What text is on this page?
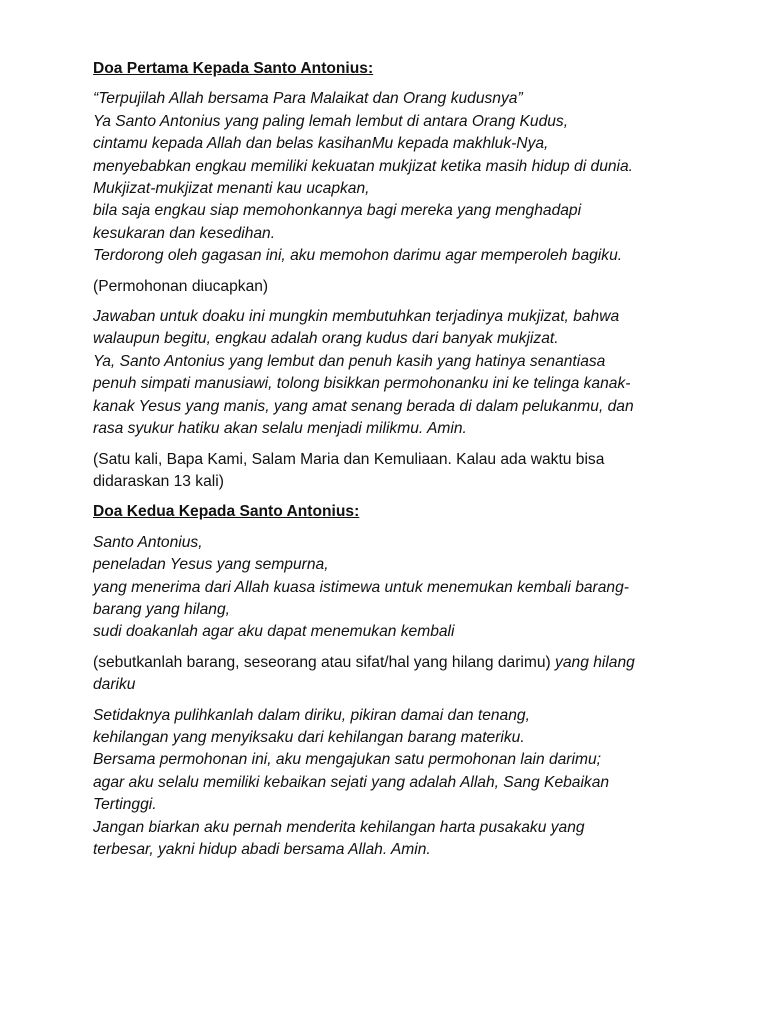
Doa Pertama Kepada Santo Antonius:
“Terpujilah Allah bersama Para Malaikat dan Orang kudusnya”
Ya Santo Antonius yang paling lemah lembut di antara Orang Kudus,
cintamu kepada Allah dan belas kasihanMu kepada makhluk-Nya,
menyebabkan engkau memiliki kekuatan mukjizat ketika masih hidup di dunia.
Mukjizat-mukjizat menanti kau ucapkan,
bila saja engkau siap memohonkannya bagi mereka yang menghadapi
kesukaran dan kesedihan.
Terdorong oleh gagasan ini, aku memohon darimu agar memperoleh bagiku.
(Permohonan diucapkan)
Jawaban untuk doaku ini mungkin membutuhkan terjadinya mukjizat, bahwa
walaupun begitu, engkau adalah orang kudus dari banyak mukjizat.
Ya, Santo Antonius yang lembut dan penuh kasih yang hatinya senantiasa
penuh simpati manusiawi, tolong bisikkan permohonanku ini ke telinga kanak-
kanak Yesus yang manis, yang amat senang berada di dalam pelukanmu, dan
rasa syukur hatiku akan selalu menjadi milikmu. Amin.
(Satu kali, Bapa Kami, Salam Maria dan Kemuliaan. Kalau ada waktu bisa
didaraskan 13 kali)
Doa Kedua Kepada Santo Antonius:
Santo Antonius,
peneladan Yesus yang sempurna,
yang menerima dari Allah kuasa istimewa untuk menemukan kembali barang-
barang yang hilang,
sudi doakanlah agar aku dapat menemukan kembali
(sebutkanlah barang, seseorang atau sifat/hal yang hilang darimu) yang hilang
dariku
Setidaknya pulihkanlah dalam diriku, pikiran damai dan tenang,
kehilangan yang menyiksaku dari kehilangan barang materiku.
Bersama permohonan ini, aku mengajukan satu permohonan lain darimu;
agar aku selalu memiliki kebaikan sejati yang adalah Allah, Sang Kebaikan
Tertinggi.
Jangan biarkan aku pernah menderita kehilangan harta pusakaku yang
terbesar, yakni hidup abadi bersama Allah. Amin.
